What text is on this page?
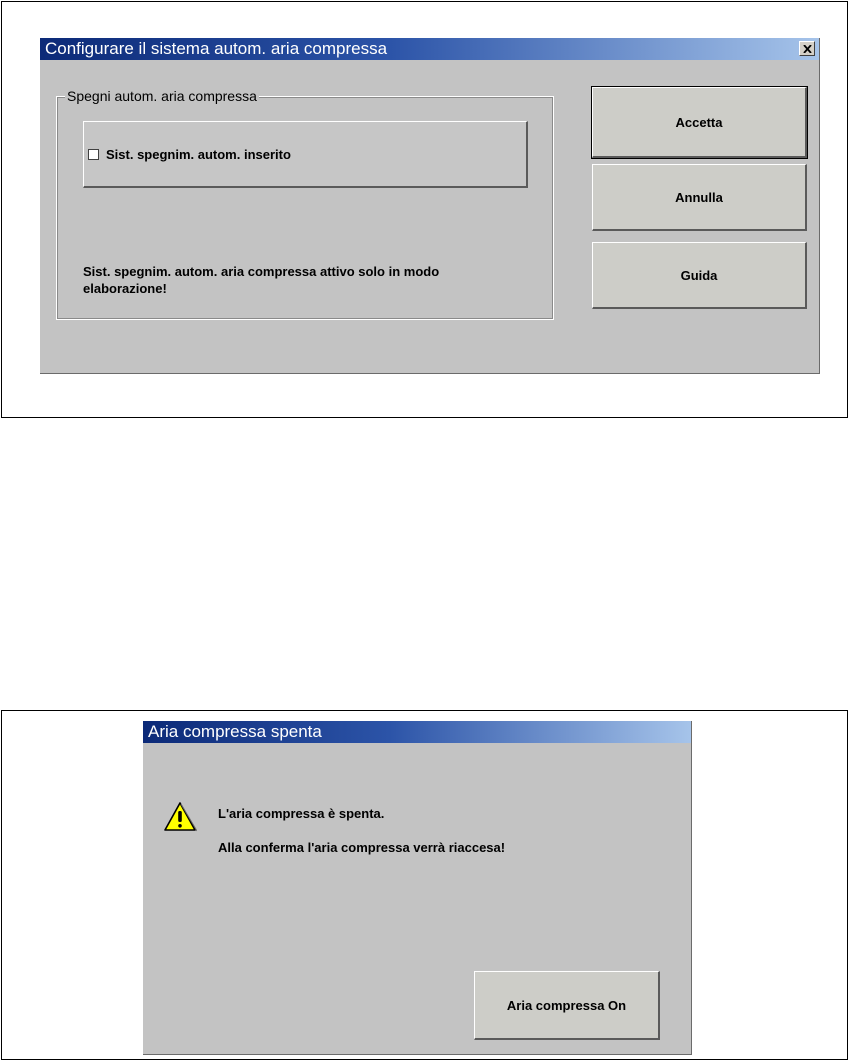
Configurare il sistema autom. aria compressa
Spegni autom. aria compressa
Sist. spegnim. autom. inserito
Sist. spegnim. autom. aria compressa attivo solo in modo elaborazione!
Accetta
Annulla
Guida
Aria compressa spenta
L'aria compressa è spenta.
Alla conferma l'aria compressa verrà riaccesa!
Aria compressa On
